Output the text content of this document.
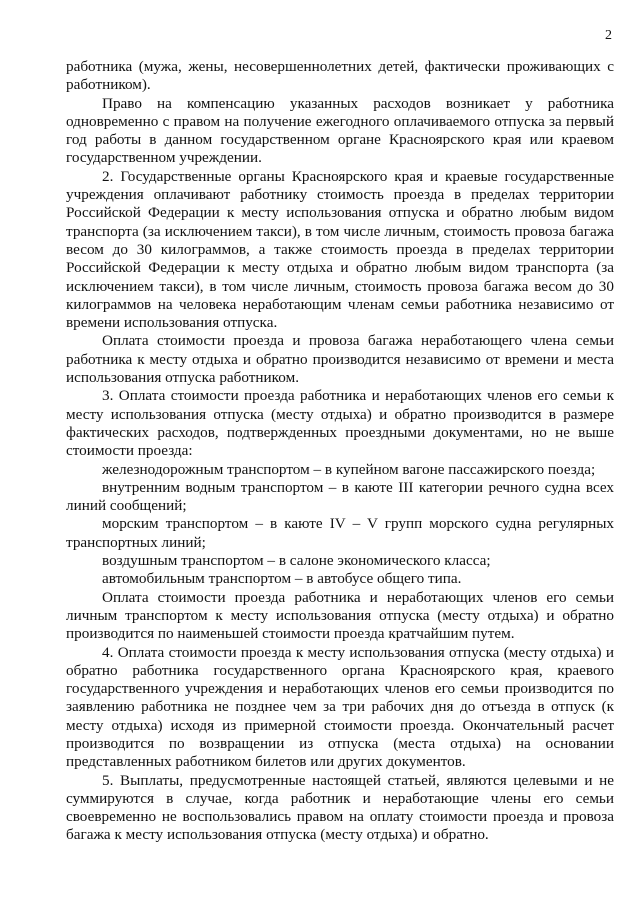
2

работника (мужа, жены, несовершеннолетних детей, фактически проживающих с работником).

Право на компенсацию указанных расходов возникает у работника одновременно с правом на получение ежегодного оплачиваемого отпуска за первый год работы в данном государственном органе Красноярского края или краевом государственном учреждении.

2. Государственные органы Красноярского края и краевые государственные учреждения оплачивают работнику стоимость проезда в пределах территории Российской Федерации к месту использования отпуска и обратно любым видом транспорта (за исключением такси), в том числе личным, стоимость провоза багажа весом до 30 килограммов, а также стоимость проезда в пределах территории Российской Федерации к месту отдыха и обратно любым видом транспорта (за исключением такси), в том числе личным, стоимость провоза багажа весом до 30 килограммов на человека неработающим членам семьи работника независимо от времени использования отпуска.

Оплата стоимости проезда и провоза багажа неработающего члена семьи работника к месту отдыха и обратно производится независимо от времени и места использования отпуска работником.

3. Оплата стоимости проезда работника и неработающих членов его семьи к месту использования отпуска (месту отдыха) и обратно производится в размере фактических расходов, подтвержденных проездными документами, но не выше стоимости проезда:

железнодорожным транспортом – в купейном вагоне пассажирского поезда;

внутренним водным транспортом – в каюте III категории речного судна всех линий сообщений;

морским транспортом – в каюте IV – V групп морского судна регулярных транспортных линий;

воздушным транспортом – в салоне экономического класса;

автомобильным транспортом – в автобусе общего типа.

Оплата стоимости проезда работника и неработающих членов его семьи личным транспортом к месту использования отпуска (месту отдыха) и обратно производится по наименьшей стоимости проезда кратчайшим путем.

4. Оплата стоимости проезда к месту использования отпуска (месту отдыха) и обратно работника государственного органа Красноярского края, краевого государственного учреждения и неработающих членов его семьи производится по заявлению работника не позднее чем за три рабочих дня до отъезда в отпуск (к месту отдыха) исходя из примерной стоимости проезда. Окончательный расчет производится по возвращении из отпуска (места отдыха) на основании представленных работником билетов или других документов.

5. Выплаты, предусмотренные настоящей статьей, являются целевыми и не суммируются в случае, когда работник и неработающие члены его семьи своевременно не воспользовались правом на оплату стоимости проезда и провоза багажа к месту использования отпуска (месту отдыха) и обратно.
